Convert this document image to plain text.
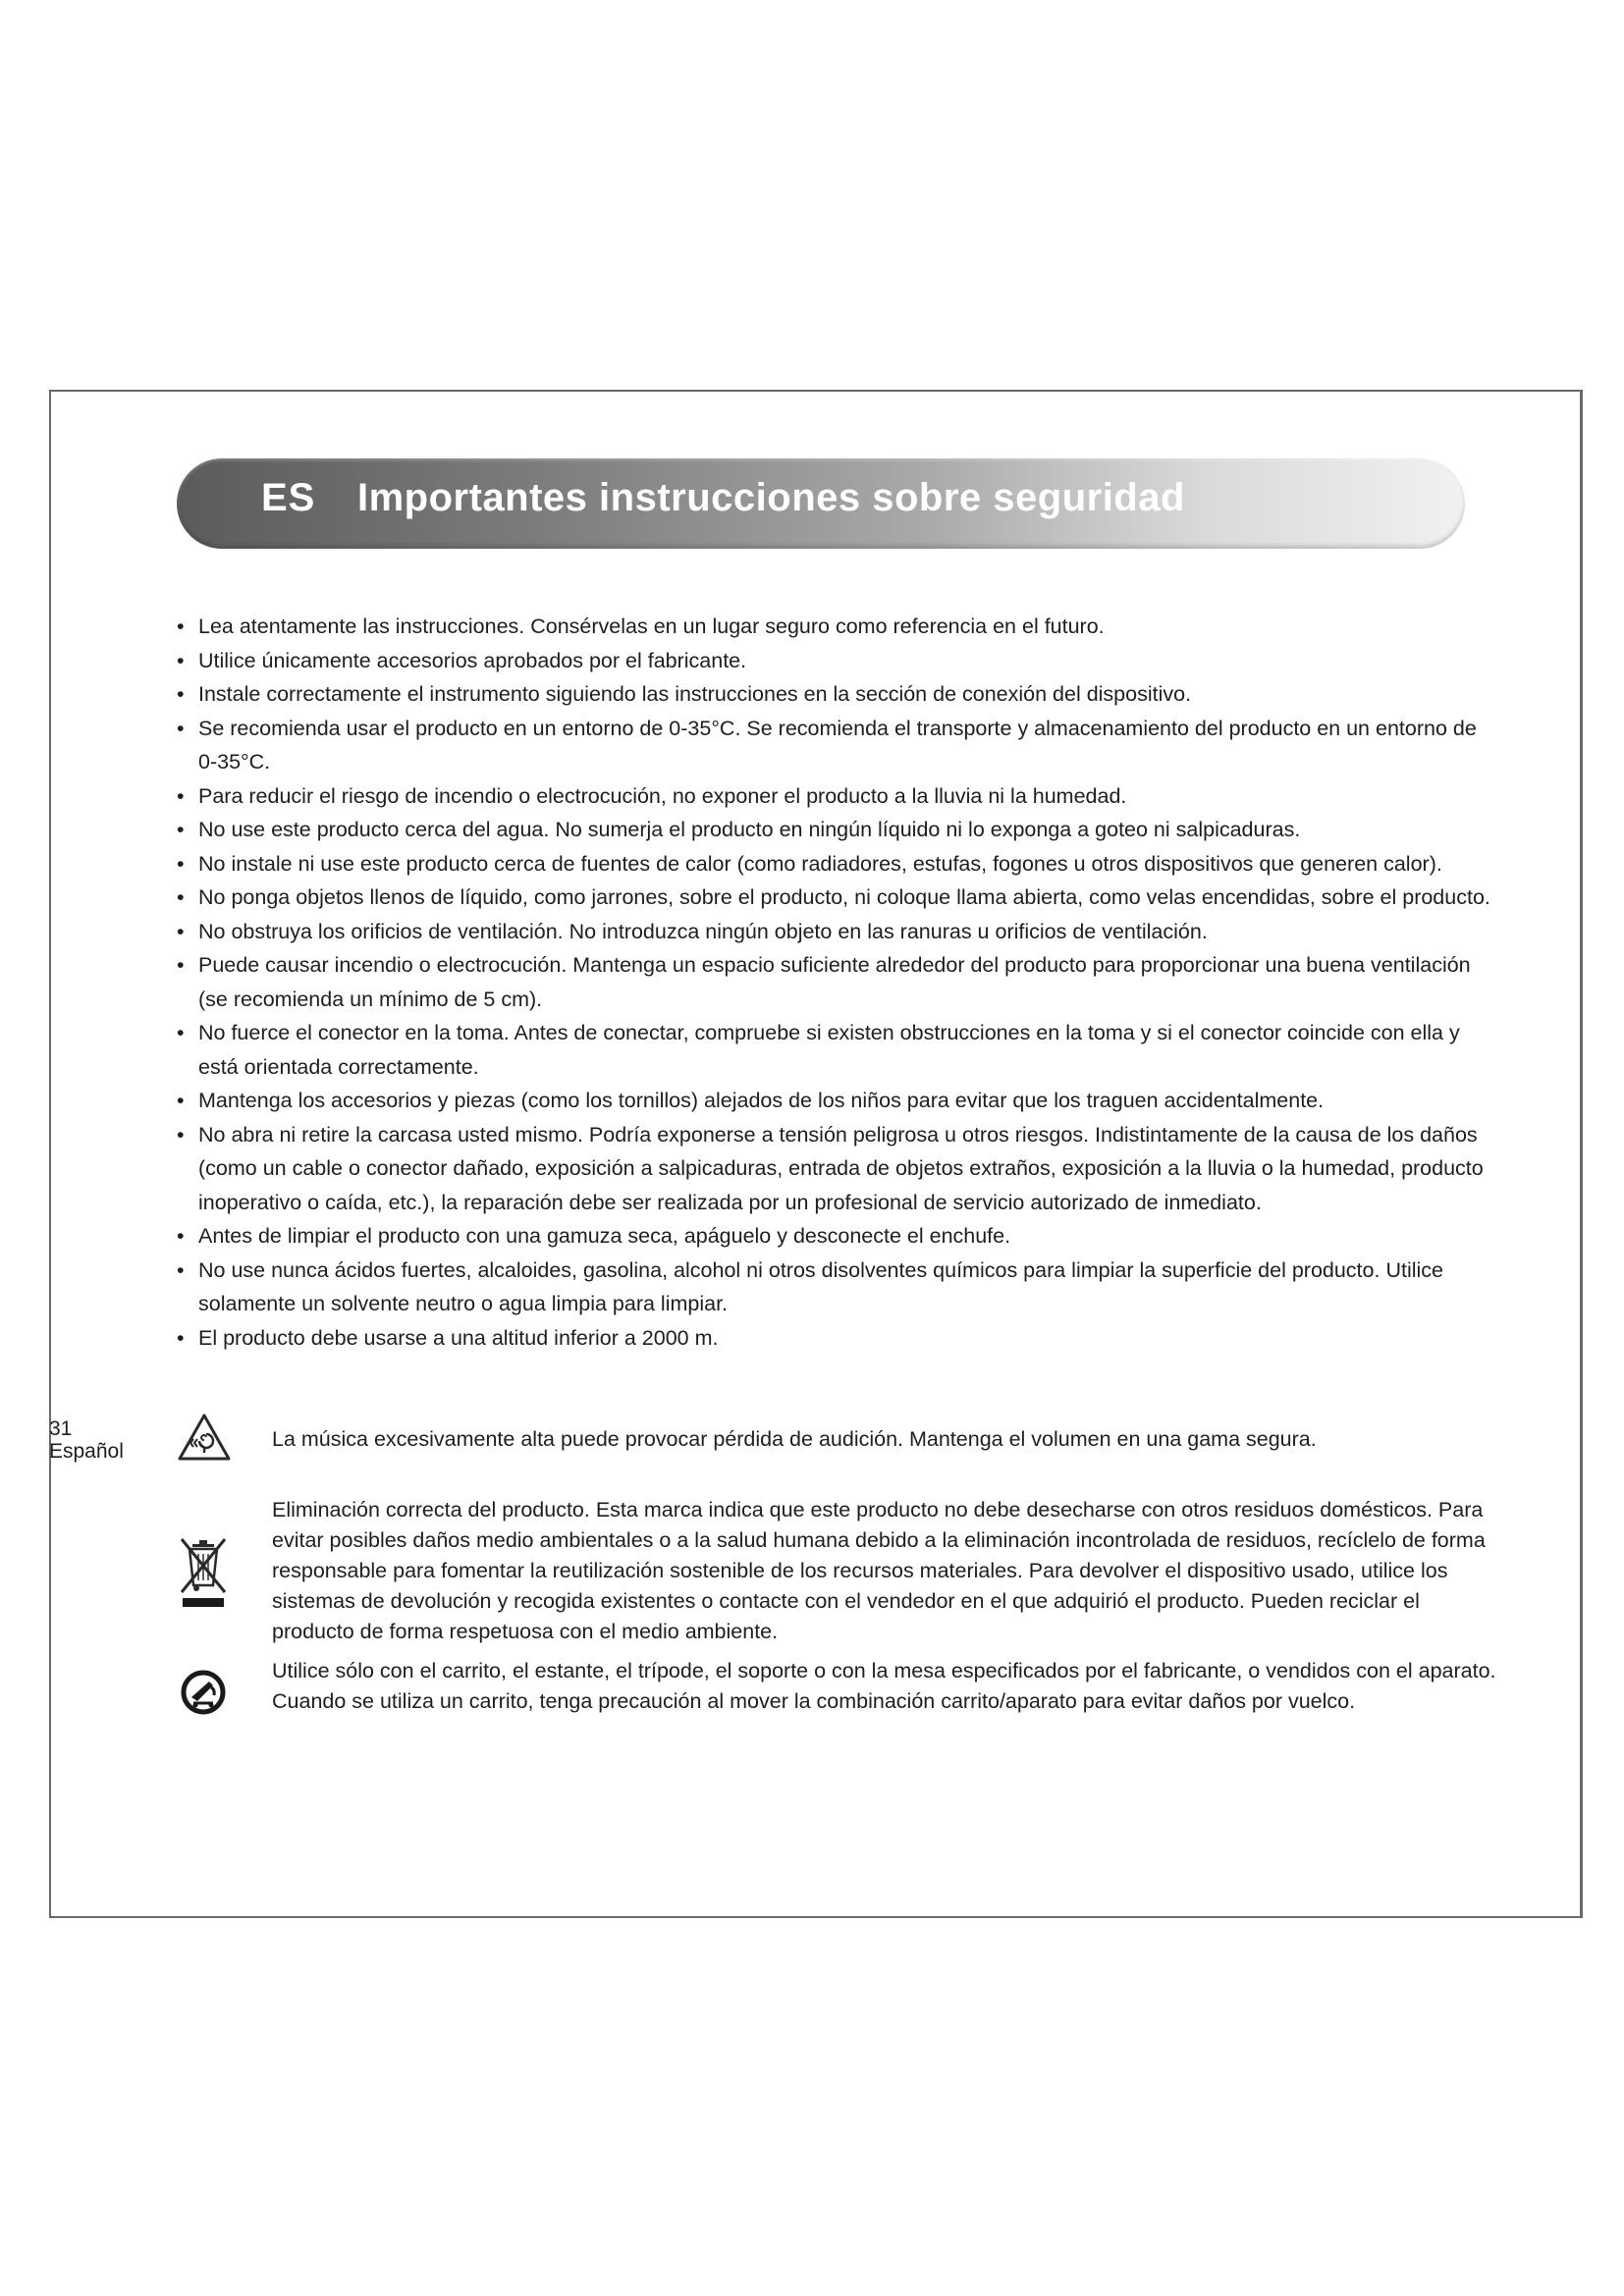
ES Importantes instrucciones sobre seguridad
• Lea atentamente las instrucciones. Consérvelas en un lugar seguro como referencia en el futuro.
• Utilice únicamente accesorios aprobados por el fabricante.
• Instale correctamente el instrumento siguiendo las instrucciones en la sección de conexión del dispositivo.
• Se recomienda usar el producto en un entorno de 0-35°C. Se recomienda el transporte y almacenamiento del producto en un entorno de 0-35°C.
• Para reducir el riesgo de incendio o electrocución, no exponer el producto a la lluvia ni la humedad.
• No use este producto cerca del agua. No sumerja el producto en ningún líquido ni lo exponga a goteo ni salpicaduras.
• No instale ni use este producto cerca de fuentes de calor (como radiadores, estufas, fogones u otros dispositivos que generen calor).
• No ponga objetos llenos de líquido, como jarrones, sobre el producto, ni coloque llama abierta, como velas encendidas, sobre el producto.
• No obstruya los orificios de ventilación. No introduzca ningún objeto en las ranuras u orificios de ventilación.
• Puede causar incendio o electrocución. Mantenga un espacio suficiente alrededor del producto para proporcionar una buena ventilación (se recomienda un mínimo de 5 cm).
• No fuerce el conector en la toma. Antes de conectar, compruebe si existen obstrucciones en la toma y si el conector coincide con ella y está orientada correctamente.
• Mantenga los accesorios y piezas (como los tornillos) alejados de los niños para evitar que los traguen accidentalmente.
• No abra ni retire la carcasa usted mismo. Podría exponerse a tensión peligrosa u otros riesgos. Indistintamente de la causa de los daños (como un cable o conector dañado, exposición a salpicaduras, entrada de objetos extraños, exposición a la lluvia o la humedad, producto inoperativo o caída, etc.), la reparación debe ser realizada por un profesional de servicio autorizado de inmediato.
• Antes de limpiar el producto con una gamuza seca, apáguelo y desconecte el enchufe.
• No use nunca ácidos fuertes, alcaloides, gasolina, alcohol ni otros disolventes químicos para limpiar la superficie del producto. Utilice solamente un solvente neutro o agua limpia para limpiar.
• El producto debe usarse a una altitud inferior a 2000 m.

La música excesivamente alta puede provocar pérdida de audición. Mantenga el volumen en una gama segura.

Eliminación correcta del producto. Esta marca indica que este producto no debe desecharse con otros residuos domésticos. Para evitar posibles daños medio ambientales o a la salud humana debido a la eliminación incontrolada de residuos, recíclelo de forma responsable para fomentar la reutilización sostenible de los recursos materiales. Para devolver el dispositivo usado, utilice los sistemas de devolución y recogida existentes o contacte con el vendedor en el que adquirió el producto. Pueden reciclar el producto de forma respetuosa con el medio ambiente.

Utilice sólo con el carrito, el estante, el trípode, el soporte o con la mesa especificados por el fabricante, o vendidos con el aparato. Cuando se utiliza un carrito, tenga precaución al mover la combinación carrito/aparato para evitar daños por vuelco.

31
Español
